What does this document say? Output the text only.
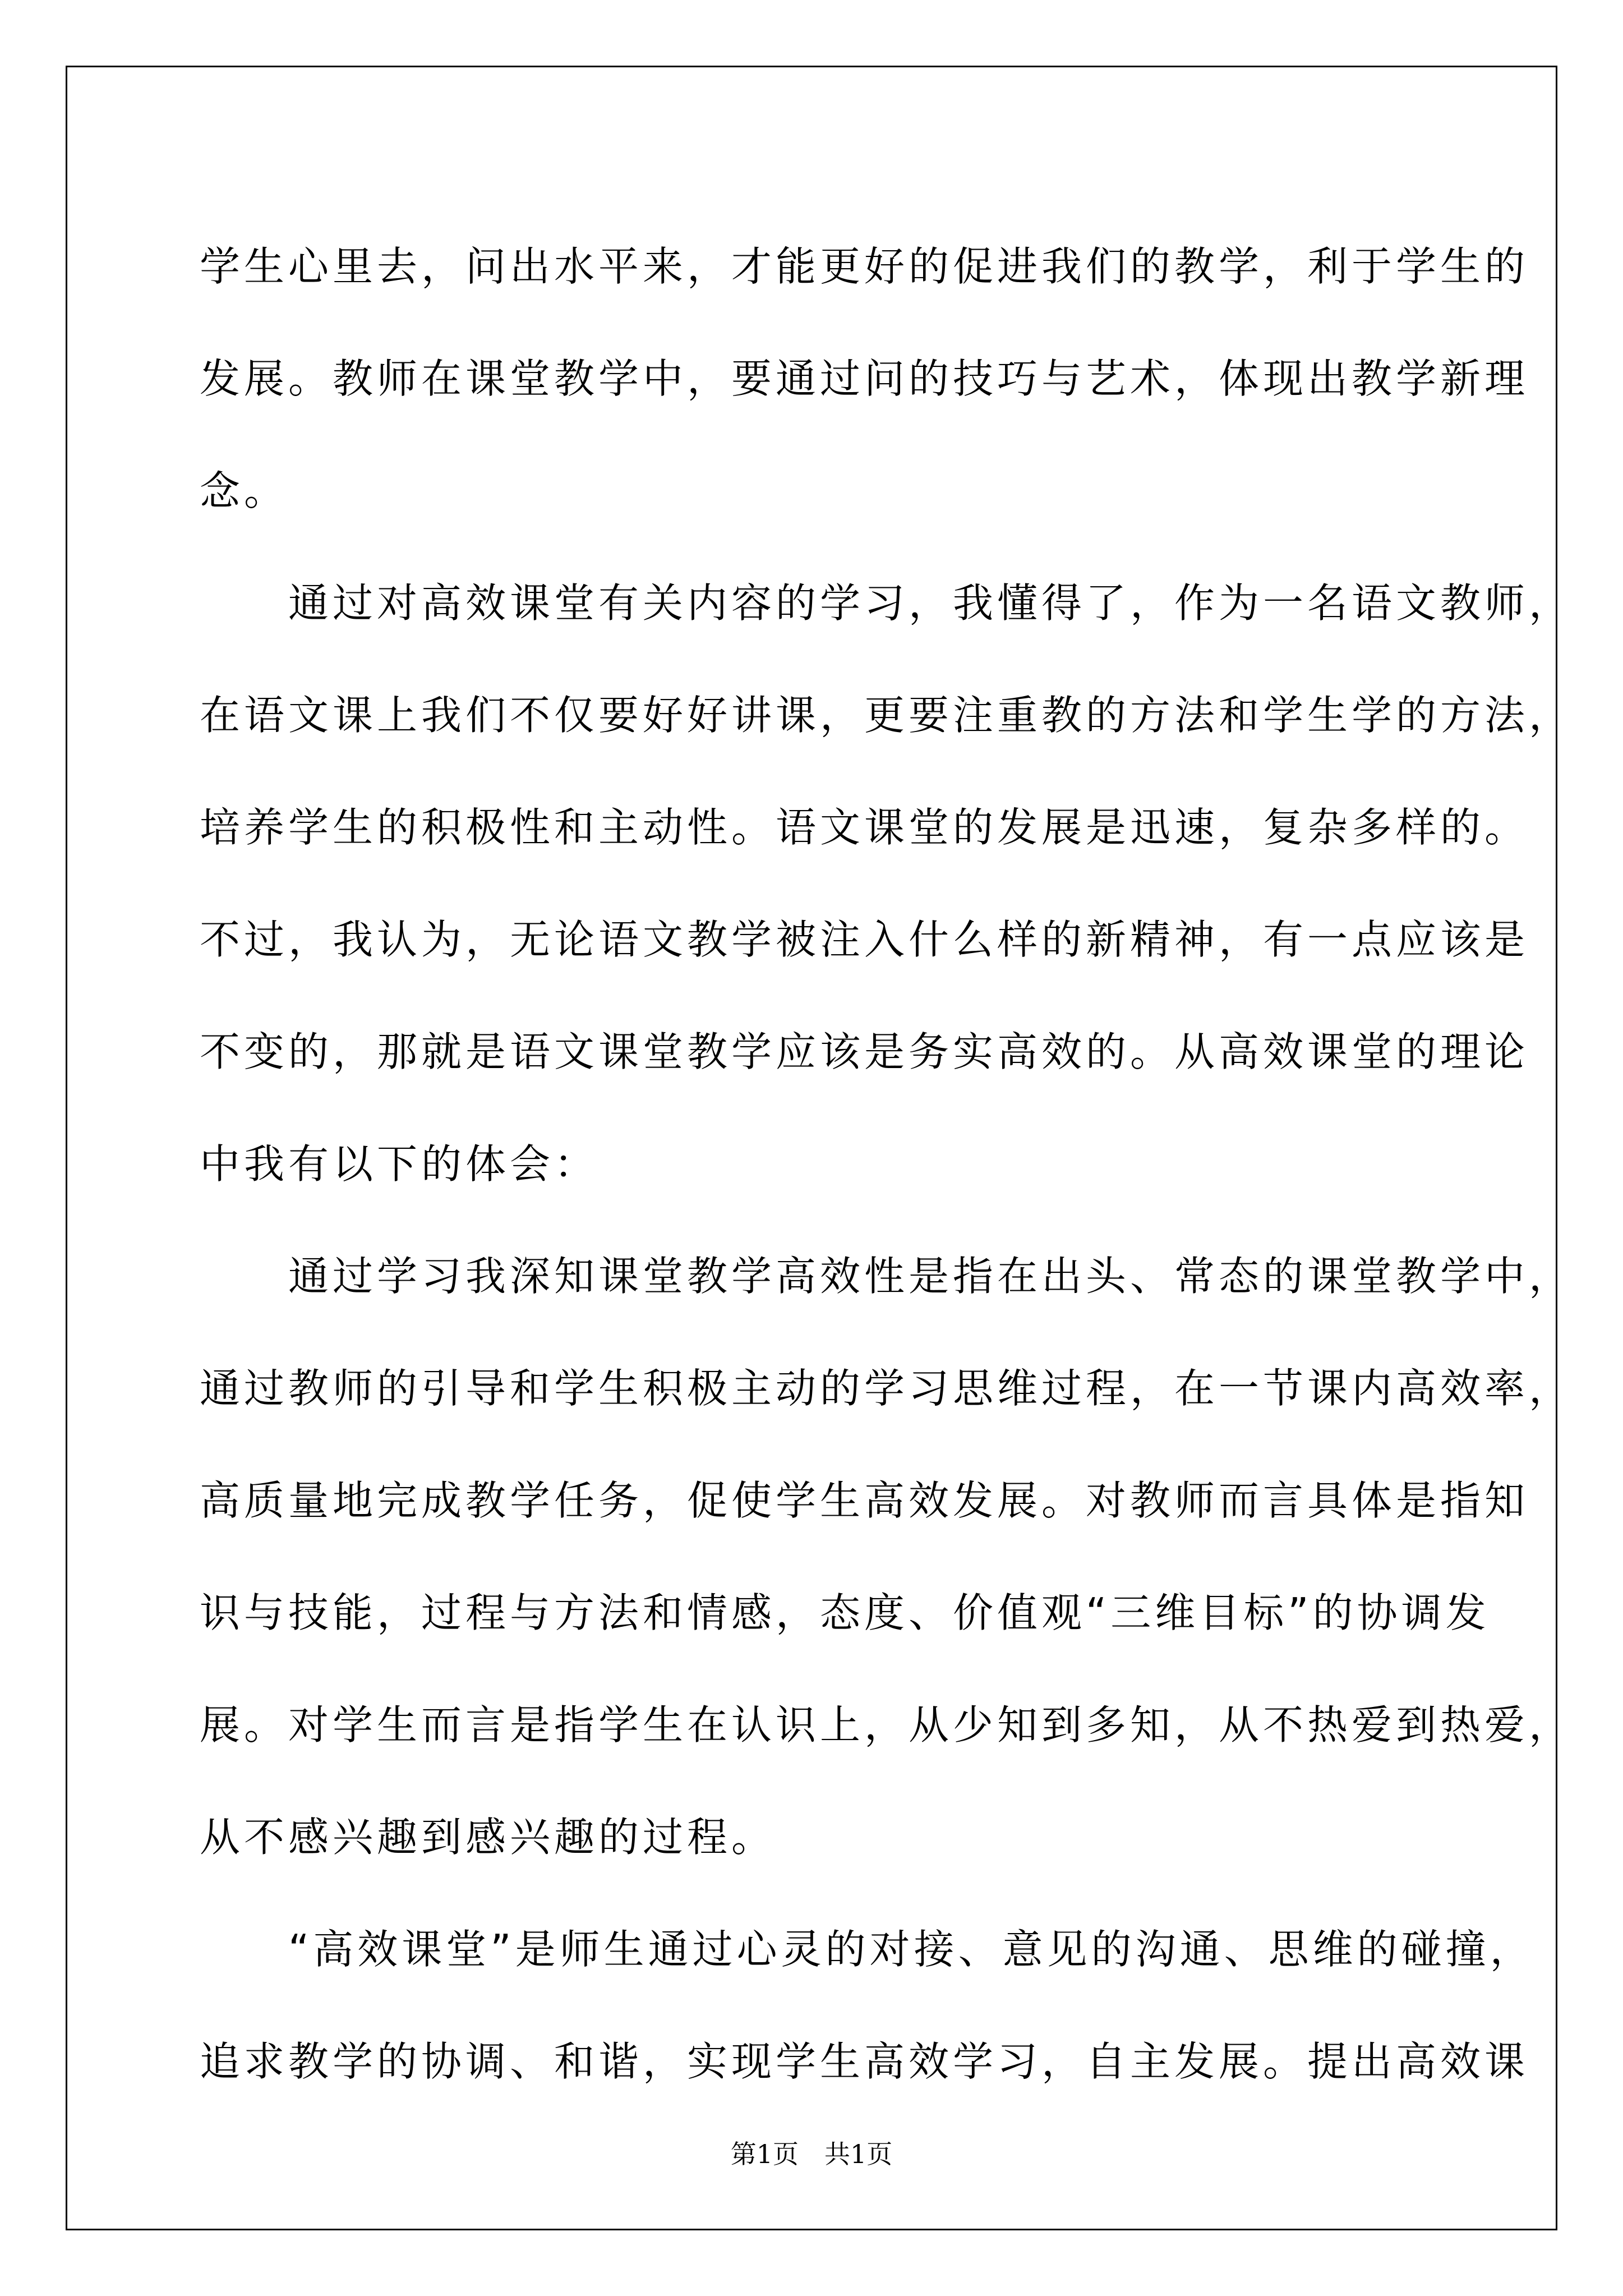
学生心里去，问出水平来，才能更好的促进我们的教学，利于学生的
发展。教师在课堂教学中，要通过问的技巧与艺术，体现出教学新理
念。
　　通过对高效课堂有关内容的学习，我懂得了，作为一名语文教师，
在语文课上我们不仅要好好讲课，更要注重教的方法和学生学的方法，
培养学生的积极性和主动性。语文课堂的发展是迅速，复杂多样的。
不过，我认为，无论语文教学被注入什么样的新精神，有一点应该是
不变的，那就是语文课堂教学应该是务实高效的。从高效课堂的理论
中我有以下的体会：
　　通过学习我深知课堂教学高效性是指在出头、常态的课堂教学中，
通过教师的引导和学生积极主动的学习思维过程，在一节课内高效率，
高质量地完成教学任务，促使学生高效发展。对教师而言具体是指知
识与技能，过程与方法和情感，态度、价值观“三维目标”的协调发
展。对学生而言是指学生在认识上，从少知到多知，从不热爱到热爱，
从不感兴趣到感兴趣的过程。
　　“高效课堂”是师生通过心灵的对接、意见的沟通、思维的碰撞，
追求教学的协调、和谐，实现学生高效学习，自主发展。提出高效课
第1页　共1页
